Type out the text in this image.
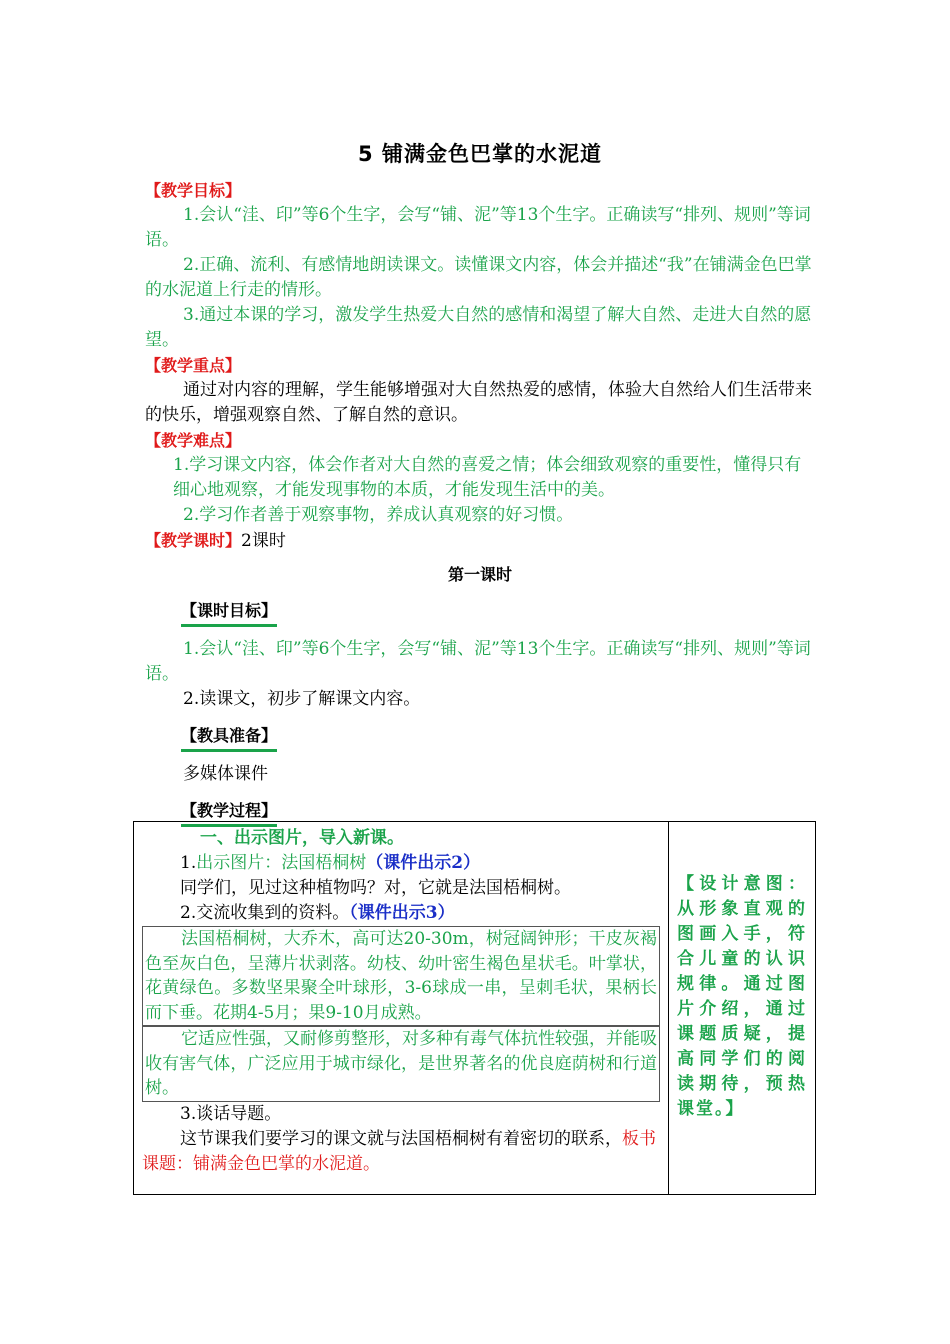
5 铺满金色巴掌的水泥道
【教学目标】

1.会认“洼、印”等6个生字，会写“铺、泥”等13个生字。正确读写“排列、规则”等词语。

2.正确、流利、有感情地朗读课文。读懂课文内容，体会并描述“我”在铺满金色巴掌的水泥道上行走的情形。

3.通过本课的学习，激发学生热爱大自然的感情和渴望了解大自然、走进大自然的愿望。

【教学重点】

通过对内容的理解，学生能够增强对大自然热爱的感情，体验大自然给人们生活带来的快乐，增强观察自然、了解自然的意识。

【教学难点】

1.学习课文内容，体会作者对大自然的喜爱之情；体会细致观察的重要性，懂得只有细心地观察，才能发现事物的本质，才能发现生活中的美。

2.学习作者善于观察事物，养成认真观察的好习惯。

【教学课时】2课时

第一课时
【课时目标】

1.会认“洼、印”等6个生字，会写“铺、泥”等13个生字。正确读写“排列、规则”等词语。

2.读课文，初步了解课文内容。

【教具准备】

多媒体课件

【教学过程】

一、出示图片，导入新课。

1.出示图片：法国梧桐树（课件出示2）

同学们，见过这种植物吗？对，它就是法国梧桐树。

2.交流收集到的资料。（课件出示3）

法国梧桐树，大乔木，高可达20-30m，树冠阔钟形；干皮灰褐色至灰白色，呈薄片状剥落。幼枝、幼叶密生褐色星状毛。叶掌状，花黄绿色。多数坚果聚全叶球形，3-6球成一串，呈刺毛状，果柄长而下垂。花期4-5月；果9-10月成熟。
它适应性强，又耐修剪整形，对多种有毒气体抗性较强，并能吸收有害气体，广泛应用于城市绿化，是世界著名的优良庭荫树和行道树。

3.谈话导题。

这节课我们要学习的课文就与法国梧桐树有着密切的联系，板书课题：铺满金色巴掌的水泥道。

【设计意图：从形象直观的图画入手，符合儿童的认识规律。通过图片介绍，通过课题质疑，提高同学们的阅读期待，预热课堂。】
